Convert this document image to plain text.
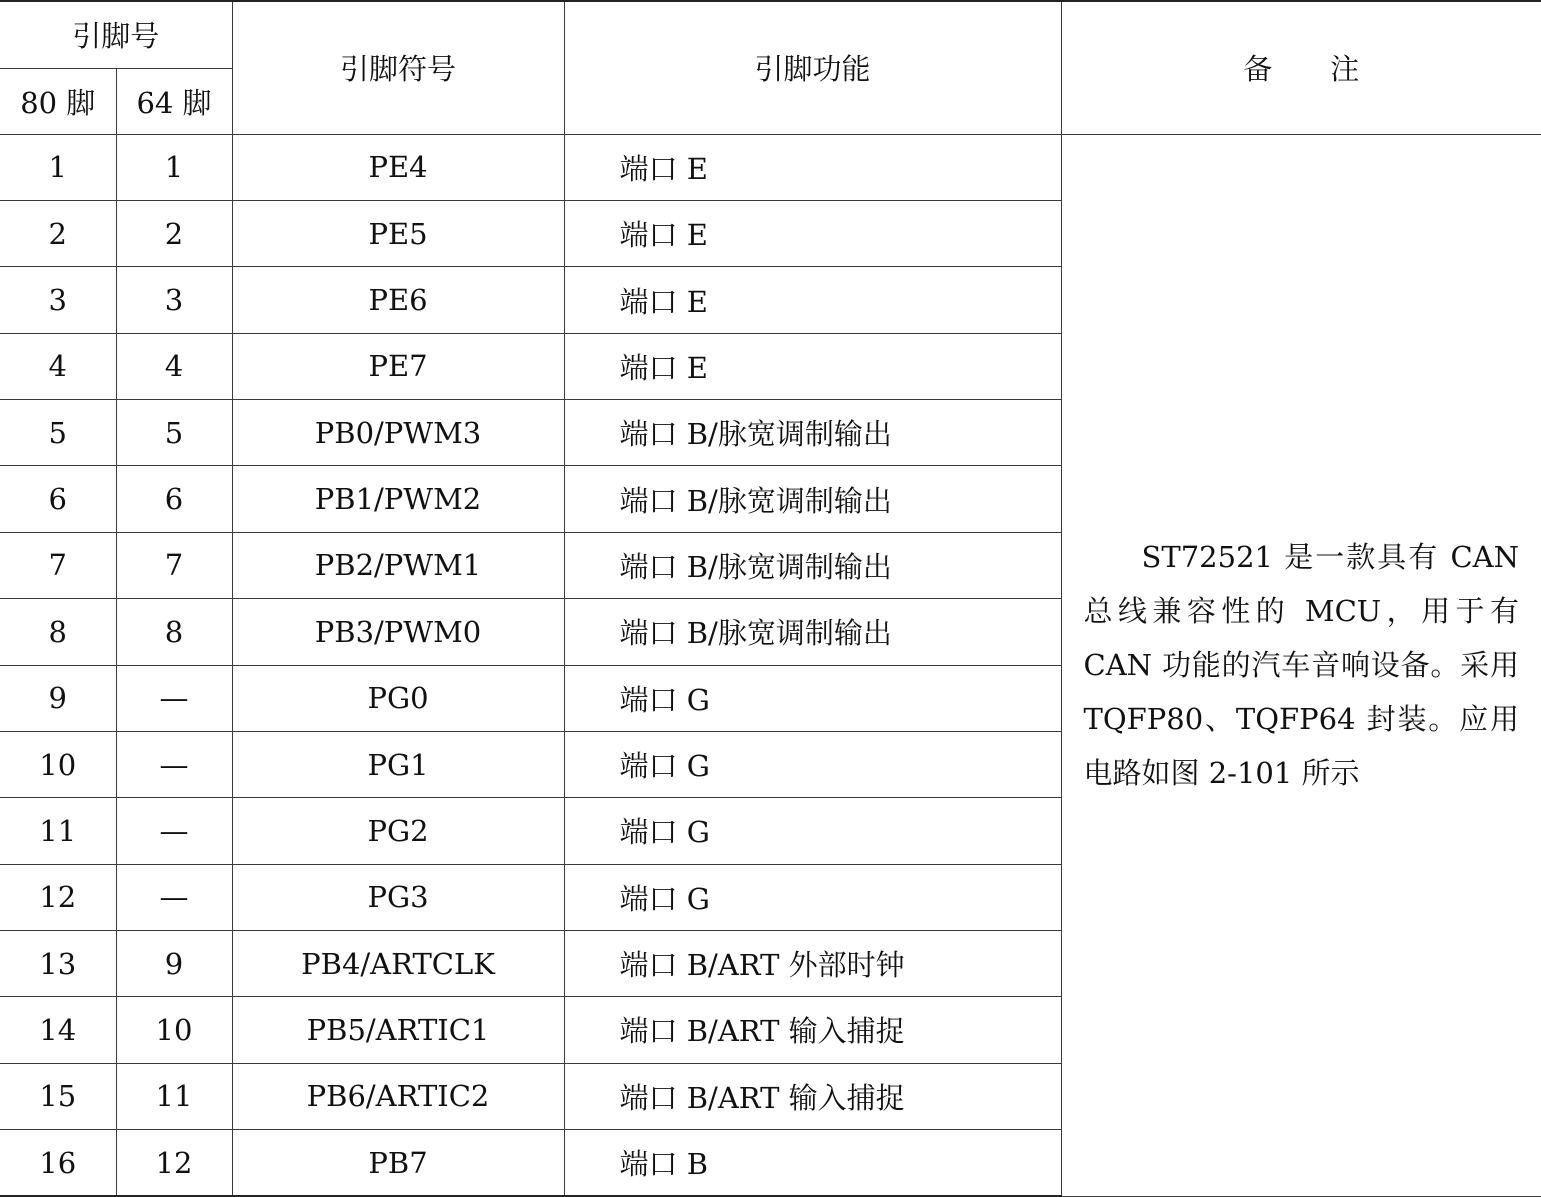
引脚号		引脚符号	引脚功能	备注
80 脚	64 脚			
1	1	PE4	端口 E	ST72521 是一款具有 CAN 总线兼容性的 MCU，用于有 CAN 功能的汽车音响设备。采用 TQFP80、TQFP64 封装。应用电路如图 2-101 所示
2	2	PE5	端口 E	
3	3	PE6	端口 E	
4	4	PE7	端口 E	
5	5	PB0/PWM3	端口 B/脉宽调制输出	
6	6	PB1/PWM2	端口 B/脉宽调制输出	
7	7	PB2/PWM1	端口 B/脉宽调制输出	
8	8	PB3/PWM0	端口 B/脉宽调制输出	
9	—	PG0	端口 G	
10	—	PG1	端口 G	
11	—	PG2	端口 G	
12	—	PG3	端口 G	
13	9	PB4/ARTCLK	端口 B/ART 外部时钟	
14	10	PB5/ARTIC1	端口 B/ART 输入捕捉	
15	11	PB6/ARTIC2	端口 B/ART 输入捕捉	
16	12	PB7	端口 B	
